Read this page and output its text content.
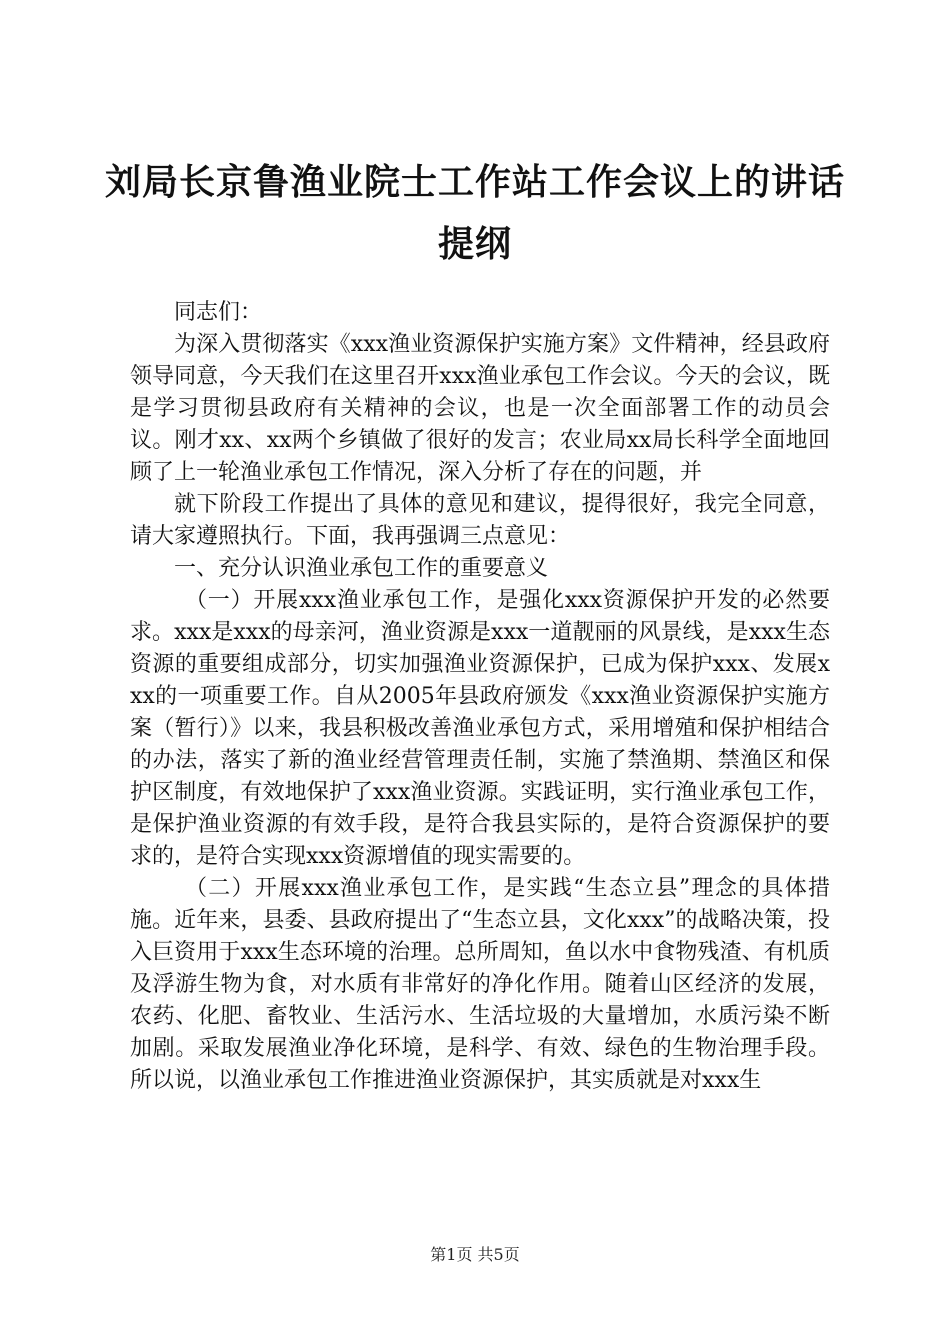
刘局长京鲁渔业院士工作站工作会议上的讲话
提纲

同志们：

为深入贯彻落实《xxx渔业资源保护实施方案》文件精神，经县政府领导同意，今天我们在这里召开xxx渔业承包工作会议。今天的会议，既是学习贯彻县政府有关精神的会议，也是一次全面部署工作的动员会议。刚才xx、xx两个乡镇做了很好的发言；农业局xx局长科学全面地回顾了上一轮渔业承包工作情况，深入分析了存在的问题，并

就下阶段工作提出了具体的意见和建议，提得很好，我完全同意，请大家遵照执行。下面，我再强调三点意见：

一、充分认识渔业承包工作的重要意义

（一）开展xxx渔业承包工作，是强化xxx资源保护开发的必然要求。xxx是xxx的母亲河，渔业资源是xxx一道靓丽的风景线，是xxx生态资源的重要组成部分，切实加强渔业资源保护，已成为保护xxx、发展xxx的一项重要工作。自从2005年县政府颁发《xxx渔业资源保护实施方案（暂行）》以来，我县积极改善渔业承包方式，采用增殖和保护相结合的办法，落实了新的渔业经营管理责任制，实施了禁渔期、禁渔区和保护区制度，有效地保护了xxx渔业资源。实践证明，实行渔业承包工作，是保护渔业资源的有效手段，是符合我县实际的，是符合资源保护的要求的，是符合实现xxx资源增值的现实需要的。

（二）开展xxx渔业承包工作，是实践“生态立县”理念的具体措施。近年来，县委、县政府提出了“生态立县，文化xxx”的战略决策，投入巨资用于xxx生态环境的治理。总所周知，鱼以水中食物残渣、有机质及浮游生物为食，对水质有非常好的净化作用。随着山区经济的发展，农药、化肥、畜牧业、生活污水、生活垃圾的大量增加，水质污染不断加剧。采取发展渔业净化环境，是科学、有效、绿色的生物治理手段。所以说，以渔业承包工作推进渔业资源保护，其实质就是对xxx生

第1页 共5页
